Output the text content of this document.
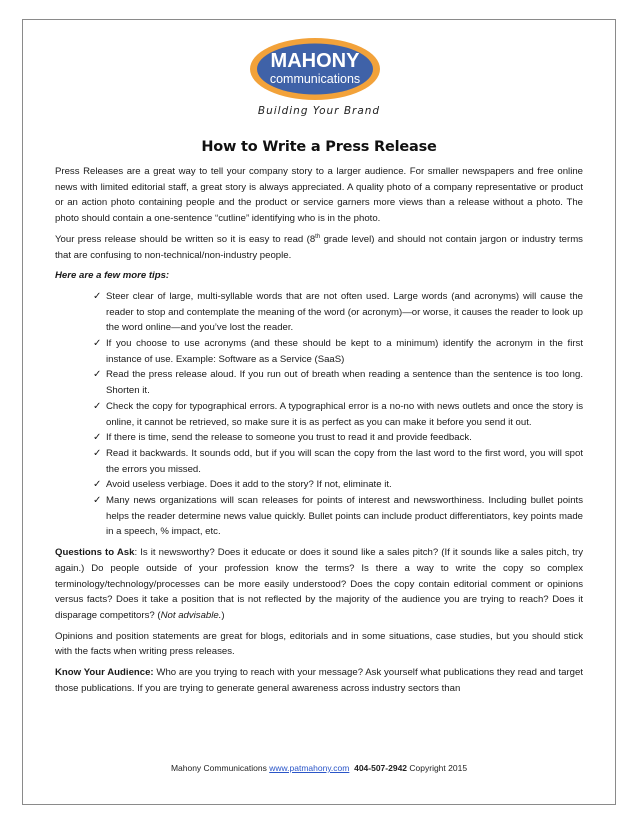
MAHONY
communications
Building Your Brand
How to Write a Press Release

Press Releases are a great way to tell your company story to a larger audience. For smaller newspapers and free online news with limited editorial staff, a great story is always appreciated. A quality photo of a company representative or product or an action photo containing people and the product or service garners more views than a release without a photo. The photo should contain a one-sentence “cutline” identifying who is in the photo.

Your press release should be written so it is easy to read (8th grade level) and should not contain jargon or industry terms that are confusing to non-technical/non-industry people.

Here are a few more tips:

✓ Steer clear of large, multi-syllable words that are not often used. Large words (and acronyms) will cause the reader to stop and contemplate the meaning of the word (or acronym)—or worse, it causes the reader to look up the word online—and you’ve lost the reader.
✓ If you choose to use acronyms (and these should be kept to a minimum) identify the acronym in the first instance of use. Example: Software as a Service (SaaS)
✓ Read the press release aloud. If you run out of breath when reading a sentence than the sentence is too long. Shorten it.
✓ Check the copy for typographical errors. A typographical error is a no-no with news outlets and once the story is online, it cannot be retrieved, so make sure it is as perfect as you can make it before you send it out.
✓ If there is time, send the release to someone you trust to read it and provide feedback.
✓ Read it backwards. It sounds odd, but if you will scan the copy from the last word to the first word, you will spot the errors you missed.
✓ Avoid useless verbiage. Does it add to the story? If not, eliminate it.
✓ Many news organizations will scan releases for points of interest and newsworthiness. Including bullet points helps the reader determine news value quickly. Bullet points can include product differentiators, key points made in a speech, % impact, etc.

Questions to Ask: Is it newsworthy? Does it educate or does it sound like a sales pitch? (If it sounds like a sales pitch, try again.) Do people outside of your profession know the terms? Is there a way to write the copy so complex terminology/technology/processes can be more easily understood? Does the copy contain editorial comment or opinions versus facts? Does it take a position that is not reflected by the majority of the audience you are trying to reach? Does it disparage competitors? (Not advisable.)

Opinions and position statements are great for blogs, editorials and in some situations, case studies, but you should stick with the facts when writing press releases.

Know Your Audience: Who are you trying to reach with your message? Ask yourself what publications they read and target those publications. If you are trying to generate general awareness across industry sectors than

Mahony Communications www.patmahony.com 404-507-2942 Copyright 2015
